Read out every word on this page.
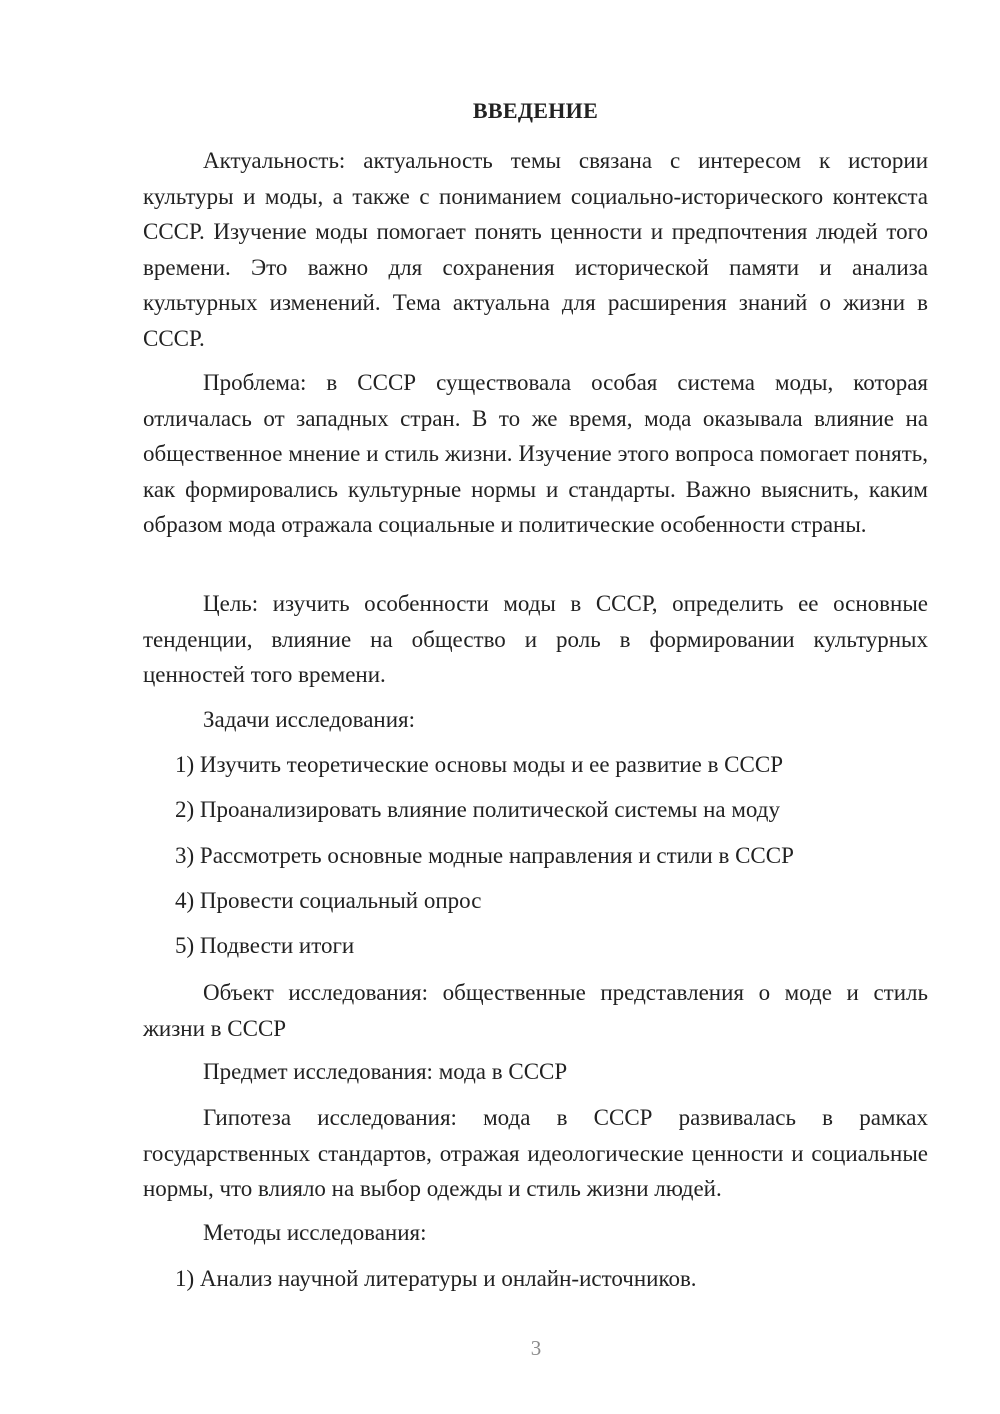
ВВЕДЕНИЕ

Актуальность: актуальность темы связана с интересом к истории культуры и моды, а также с пониманием социально-исторического контекста СССР. Изучение моды помогает понять ценности и предпочтения людей того времени. Это важно для сохранения исторической памяти и анализа культурных изменений. Тема актуальна для расширения знаний о жизни в СССР.

Проблема: в СССР существовала особая система моды, которая отличалась от западных стран. В то же время, мода оказывала влияние на общественное мнение и стиль жизни. Изучение этого вопроса помогает понять, как формировались культурные нормы и стандарты. Важно выяснить, каким образом мода отражала социальные и политические особенности страны.

Цель: изучить особенности моды в СССР, определить ее основные тенденции, влияние на общество и роль в формировании культурных ценностей того времени.

Задачи исследования:

1) Изучить теоретические основы моды и ее развитие в СССР

2) Проанализировать влияние политической системы на моду

3) Рассмотреть основные модные направления и стили в СССР

4) Провести социальный опрос

5) Подвести итоги

Объект исследования: общественные представления о моде и стиль жизни в СССР

Предмет исследования: мода в СССР

Гипотеза исследования: мода в СССР развивалась в рамках государственных стандартов, отражая идеологические ценности и социальные нормы, что влияло на выбор одежды и стиль жизни людей.

Методы исследования:

1) Анализ научной литературы и онлайн-источников.

3
